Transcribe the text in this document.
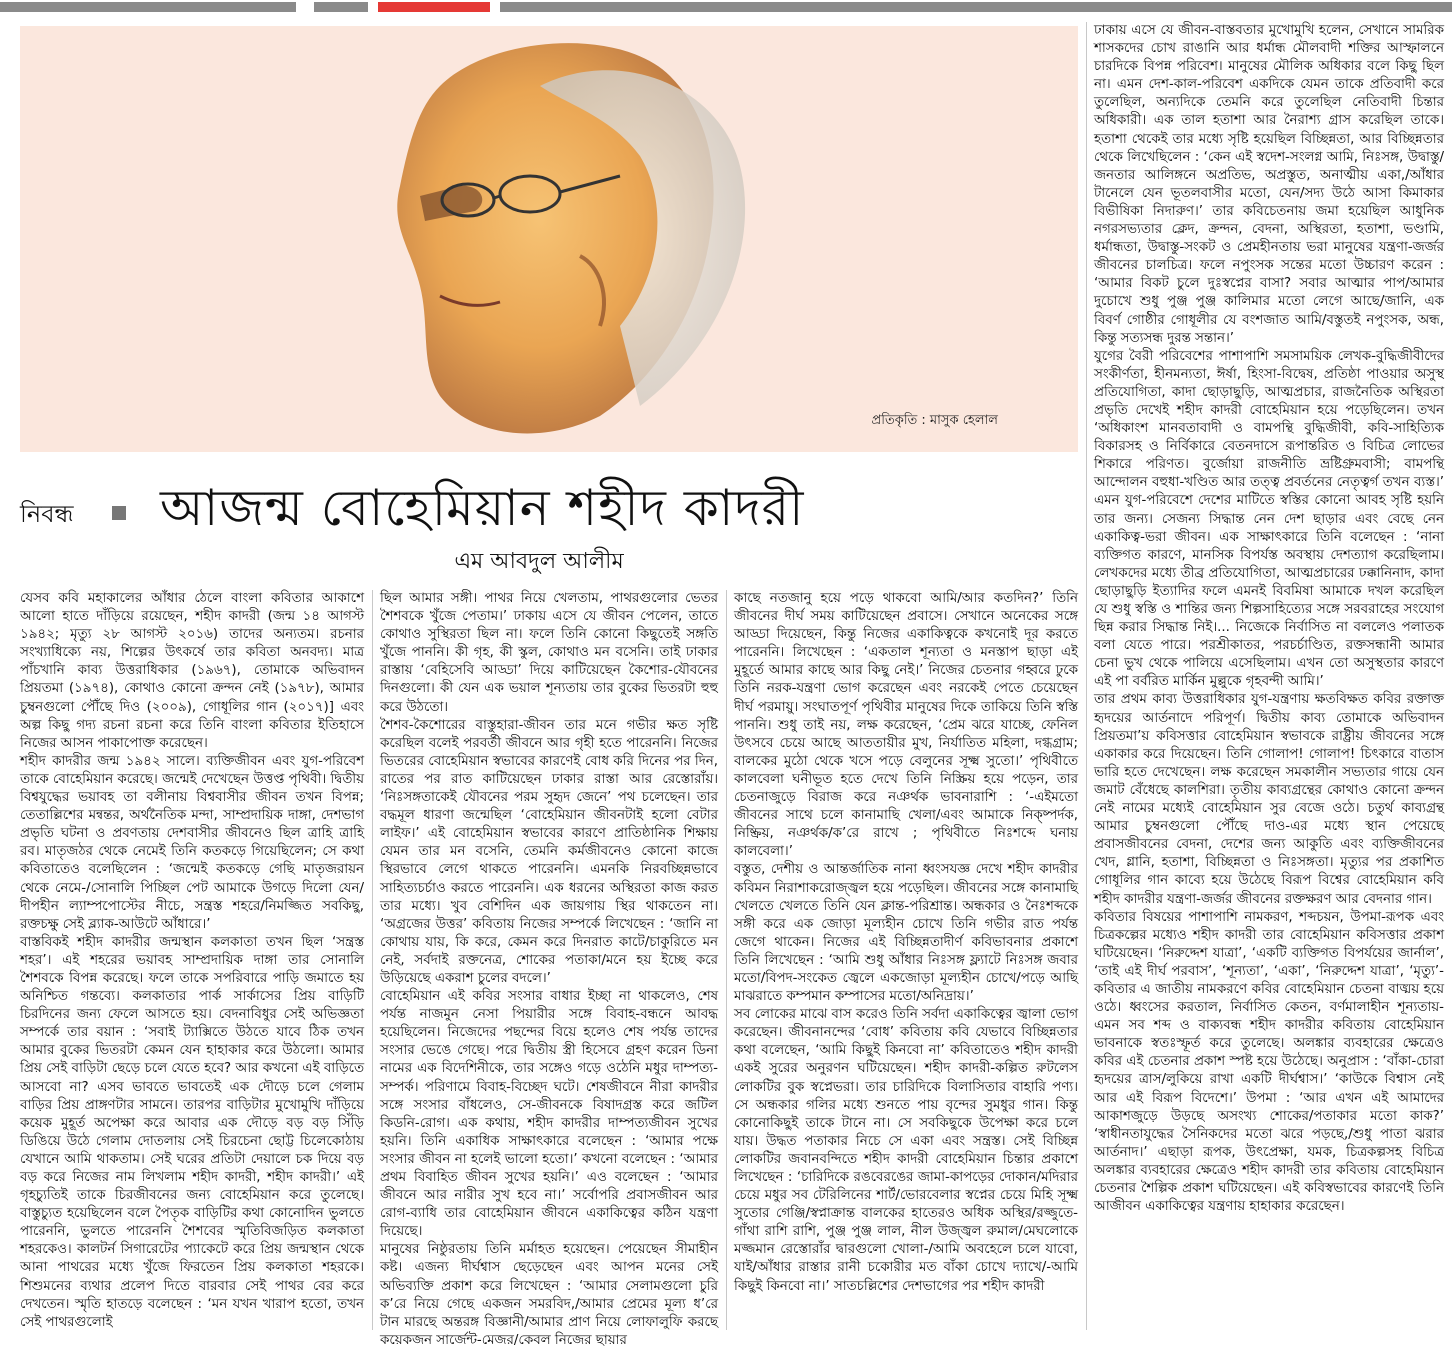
প্রতিকৃতি : মাসুক হেলাল
নিবন্ধ আজন্ম বোহেমিয়ান শহীদ কাদরী
এম আবদুল আলীম

যেসব কবি মহাকালের আঁধার ঠেলে বাংলা কবিতার আকাশে আলো হাতে দাঁড়িয়ে রয়েছেন, শহীদ কাদরী (জন্ম ১৪ আগস্ট ১৯৪২; মৃত্যু ২৮ আগস্ট ২০১৬) তাদের অন্যতম। রচনার সংখ্যাধিক্যে নয়, শিল্পের উৎকর্ষে তার কবিতা অনবদ্য। মাত্র পাঁচখানি কাব্য উত্তরাধিকার (১৯৬৭), তোমাকে অভিবাদন প্রিয়তমা (১৯৭৪), কোথাও কোনো ক্রন্দন নেই (১৯৭৮), আমার চুম্বনগুলো পৌঁছে দিও (২০০৯), গোধূলির গান (২০১৭)] এবং অল্প কিছু গদ্য রচনা রচনা করে তিনি বাংলা কবিতার ইতিহাসে নিজের আসন পাকাপোক্ত করেছেন।

শহীদ কাদরীর জন্ম ১৯৪২ সালে। ব্যক্তিজীবন এবং যুগ-পরিবেশ তাকে বোহেমিয়ান করেছে। জন্মেই দেখেছেন উত্তপ্ত পৃথিবী। দ্বিতীয় বিশ্বযুদ্ধের ভয়াবহ তা বলীনায় বিশ্ববাসীর জীবন তখন বিপন্ন; তেতাল্লিশের মন্বন্তর, অর্থনৈতিক মন্দা, সাম্প্রদায়িক দাঙ্গা, দেশভাগ প্রভৃতি ঘটনা ও প্রবণতায় দেশবাসীর জীবনেও ছিল ত্রাহি ত্রাহি রব। মাতৃজঠর থেকে নেমেই তিনি কতকড়ে গিয়েছিলেন; সে কথা কবিতাতেও বলেছিলেন : ‘জন্মেই কতকড়ে গেছি মাতৃজরায়ন থেকে নেমে-/সোনালি পিচ্ছিল পেট আমাকে উগড়ে দিলো যেন/দীপহীন ল্যাম্পপোস্টের নীচে, সন্ত্রস্ত শহরে/নিমজ্জিত সবকিছু, রক্তচক্ষু সেই ব্ল্যাক-আউটে আঁধারে।’

বাস্তবিকই শহীদ কাদরীর জন্মস্থান কলকাতা তখন ছিল ‘সন্ত্রস্ত শহর’। এই শহরের ভয়াবহ সাম্প্রদায়িক দাঙ্গা তার সোনালি শৈশবকে বিপন্ন করেছে। ফলে তাকে সপরিবারে পাড়ি জমাতে হয় অনিশ্চিত গন্তব্যে। কলকাতার পার্ক সার্কাসের প্রিয় বাড়িটি চিরদিনের জন্য ফেলে আসতে হয়। বেদনাবিধুর সেই অভিজ্ঞতা সম্পর্কে তার বয়ান : ‘সবাই ট্যাক্সিতে উঠতে যাবে ঠিক তখন আমার বুকের ভিতরটা কেমন যেন হাহাকার করে উঠলো। আমার প্রিয় সেই বাড়িটা ছেড়ে চলে যেতে হবে? আর কখনো এই বাড়িতে আসবো না? এসব ভাবতে ভাবতেই এক দৌড়ে চলে গেলাম বাড়ির প্রিয় প্রাঙ্গণটার সামনে। তারপর বাড়িটার মুখোমুখি দাঁড়িয়ে কয়েক মুহূর্ত অপেক্ষা করে আবার এক দৌড়ে বড় বড় সিঁড়ি ডিঙিয়ে উঠে গেলাম দোতলায় সেই চিরচেনা ছোট্ট চিলেকোঠায় যেখানে আমি থাকতাম। সেই ঘরের প্রতিটা দেয়ালে চক দিয়ে বড় বড় করে নিজের নাম লিখলাম শহীদ কাদরী, শহীদ কাদরী।’ এই গৃহচ্যুতিই তাকে চিরজীবনের জন্য বোহেমিয়ান করে তুলেছে। বাস্তুচ্যুত হয়েছিলেন বলে পৈতৃক বাড়িটির কথা কোনোদিন ভুলতে পারেননি, ভুলতে পারেননি শৈশবের স্মৃতিবিজড়িত কলকাতা শহরকেও। কালটর্ন সিগারেটের প্যাকেটে করে প্রিয় জন্মস্থান থেকে আনা পাথরের মধ্যে খুঁজে ফিরতেন প্রিয় কলকাতা শহরকে। শিশুমনের ব্যথার প্রলেপ দিতে বারবার সেই পাথর বের করে দেখতেন। স্মৃতি হাতড়ে বলেছেন : ‘মন যখন খারাপ হতো, তখন সেই পাথরগুলোই

ছিল আমার সঙ্গী। পাথর নিয়ে খেলতাম, পাথরগুলোর ভেতর শৈশবকে খুঁজে পেতাম।’ ঢাকায় এসে যে জীবন পেলেন, তাতে কোথাও সুস্থিরতা ছিল না। ফলে তিনি কোনো কিছুতেই সঙ্গতি খুঁজে পাননি। কী গৃহ, কী স্কুল, কোথাও মন বসেনি। তাই ঢাকার রাস্তায় ‘বেহিসেবি আড্ডা’ দিয়ে কাটিয়েছেন কৈশোর-যৌবনের দিনগুলো। কী যেন এক ভয়াল শূন্যতায় তার বুকের ভিতরটা হুহু করে উঠতো।

শৈশব-কৈশোরের বাস্তুহারা-জীবন তার মনে গভীর ক্ষত সৃষ্টি করেছিল বলেই পরবর্তী জীবনে আর গৃহী হতে পারেননি। নিজের ভিতরের বোহেমিয়ান স্বভাবের কারণেই বোধ করি দিনের পর দিন, রাতের পর রাত কাটিয়েছেন ঢাকার রাস্তা আর রেস্তোরাঁয়। ‘নিঃসঙ্গতাকেই যৌবনের পরম সুহৃদ জেনে’ পথ চলেছেন। তার বদ্ধমূল ধারণা জন্মেছিল ‘বোহেমিয়ান জীবনটাই হলো বেটার লাইফ।’ এই বোহেমিয়ান স্বভাবের কারণে প্রাতিষ্ঠানিক শিক্ষায় যেমন তার মন বসেনি, তেমনি কর্মজীবনেও কোনো কাজে স্থিরভাবে লেগে থাকতে পারেননি। এমনকি নিরবচ্ছিন্নভাবে সাহিত্যচর্চাও করতে পারেননি। এক ধরনের অস্থিরতা কাজ করত তার মধ্যে। খুব বেশিদিন এক জায়গায় স্থির থাকতেন না। ‘অগ্রজের উত্তর’ কবিতায় নিজের সম্পর্কে লিখেছেন : ‘জানি না কোথায় যায়, কি করে, কেমন করে দিনরাত কাটে/চাকুরিতে মন নেই, সর্বদাই রক্তনেত্র, শোকের পতাকা/মনে হয় ইচ্ছে করে উড়িয়েছে একরাশ চুলের বদলে।’

বোহেমিয়ান এই কবির সংসার বাধার ইচ্ছা না থাকলেও, শেষ পর্যন্ত নাজমুন নেসা পিয়ারীর সঙ্গে বিবাহ-বন্ধনে আবদ্ধ হয়েছিলেন। নিজেদের পছন্দের বিয়ে হলেও শেষ পর্যন্ত তাদের সংসার ভেঙে গেছে। পরে দ্বিতীয় স্ত্রী হিসেবে গ্রহণ করেন ডিনা নামের এক বিদেশিনীকে, তার সঙ্গেও গড়ে ওঠেনি মধুর দাম্পত্য-সম্পর্ক। পরিণামে বিবাহ-বিচ্ছেদ ঘটে। শেষজীবনে নীরা কাদরীর সঙ্গে সংসার বাঁধলেও, সে-জীবনকে বিষাদগ্রস্ত করে জটিল কিডনি-রোগ। এক কথায়, শহীদ কাদরীর দাম্পত্যজীবন সুখের হয়নি। তিনি একাধিক সাক্ষাৎকারে বলেছেন : ‘আমার পক্ষে সংসার জীবন না হলেই ভালো হতো।’ কখনো বলেছেন : ‘আমার প্রথম বিবাহিত জীবন সুখের হয়নি।’ এও বলেছেন : ‘আমার জীবনে আর নারীর সুখ হবে না।’ সর্বোপরি প্রবাসজীবন আর রোগ-ব্যাধি তার বোহেমিয়ান জীবনে একাকিত্বের কঠিন যন্ত্রণা দিয়েছে।

মানুষের নিষ্ঠুরতায় তিনি মর্মাহত হয়েছেন। পেয়েছেন সীমাহীন কষ্ট। এজন্য দীর্ঘশ্বাস ছেড়েছেন এবং আপন মনের সেই অভিব্যক্তি প্রকাশ করে লিখেছেন : ‘আমার সেলামগুলো চুরি ক’রে নিয়ে গেছে একজন সমরবিদ,/আমার প্রেমের মূল্য ধ’রে টান মারছে অন্তরঙ্গ বিজ্ঞানী/আমার প্রাণ নিয়ে লোফালুফি করছে কয়েকজন সার্জেন্ট-মেজর/কেবল নিজের ছায়ার

কাছে নতজানু হয়ে পড়ে থাকবো আমি/আর কতদিন?’ তিনি জীবনের দীর্ঘ সময় কাটিয়েছেন প্রবাসে। সেখানে অনেকের সঙ্গে আড্ডা দিয়েছেন, কিন্তু নিজের একাকিত্বকে কখনোই দূর করতে পারেননি। লিখেছেন : ‘একতাল শূন্যতা ও মনস্তাপ ছাড়া এই মুহূর্তে আমার কাছে আর কিছু নেই।’ নিজের চেতনার গহ্বরে ঢুকে তিনি নরক-যন্ত্রণা ভোগ করেছেন এবং নরকেই পেতে চেয়েছেন দীর্ঘ পরমায়ু। সংঘাতপূর্ণ পৃথিবীর মানুষের দিকে তাকিয়ে তিনি স্বস্তি পাননি। শুধু তাই নয়, লক্ষ করেছেন, ‘প্রেম ঝরে যাচ্ছে, ফেনিল উৎসবে চেয়ে আছে আততায়ীর মুখ, নির্যাতিত মহিলা, দগ্ধগ্রাম; বালকের মুঠো থেকে খসে পড়ে বেলুনের সূক্ষ্ম সুতো।’ পৃথিবীতে কালবেলা ঘনীভূত হতে দেখে তিনি নিস্ক্রিয় হয়ে পড়েন, তার চেতনাজুড়ে বিরাজ করে নঞর্থক ভাবনারাশি : ‘-এইমতো জীবনের সাথে চলে কানামাছি খেলা/এবং আমাকে নিক্ষ্পর্দক, নিষ্ক্রিয়, নঞর্থক/ক’রে রাখে ; পৃথিবীতে নিঃশব্দে ঘনায় কালবেলা।’

বস্তুত, দেশীয় ও আন্তর্জাতিক নানা ধ্বংসযজ্ঞ দেখে শহীদ কাদরীর কবিমন নিরাশাকরোজ্জ্বল হয়ে পড়েছিল। জীবনের সঙ্গে কানামাছি খেলতে খেলতে তিনি যেন ক্লান্ত-পরিশ্রান্ত। অন্ধকার ও নৈঃশব্দকে সঙ্গী করে এক জোড়া মূল্যহীন চোখে তিনি গভীর রাত পর্যন্ত জেগে থাকেন। নিজের এই বিচ্ছিন্নতাদীর্ণ কবিভাবনার প্রকাশে তিনি লিখেছেন : ‘আমি শুধু আঁধার নিঃসঙ্গ ফ্ল্যাটে নিঃসঙ্গ জবার মতো/বিপদ-সংকেত জ্বেলে একজোড়া মূল্যহীন চোখে/পড়ে আছি মাঝরাতে কম্পমান কম্পাসের মতো/অনিদ্রায়।’

সব লোকের মাঝে বাস করেও তিনি সর্বদা একাকিত্বের জ্বালা ভোগ করেছেন। জীবনানন্দের ‘বোধ’ কবিতায় কবি যেভাবে বিচ্ছিন্নতার কথা বলেছেন, ‘আমি কিছুই কিনবো না’ কবিতাতেও শহীদ কাদরী একই সুরের অনুরণন ঘটিয়েছেন। শহীদ কাদরী-কল্পিত রুটলেস লোকটির বুক স্বপ্নেভরা। তার চারিদিকে বিলাসিতার বাহারি পণ্য। সে অন্ধকার গলির মধ্যে শুনতে পায় বৃন্দের সুমধুর গান। কিন্তু কোনোকিছুই তাকে টানে না। সে সবকিছুকে উপেক্ষা করে চলে যায়। উদ্ধত পতাকার নিচে সে একা এবং সন্ত্রস্ত। সেই বিচ্ছিন্ন লোকটির জবানবন্দিতে শহীদ কাদরী বোহেমিয়ান চিন্তার প্রকাশে লিখেছেন : ‘চারিদিকে রঙবেরঙের জামা-কাপড়ের দোকান/মদিরার চেয়ে মধুর সব টেরিলিনের শার্ট/ভোরবেলার স্বপ্নের চেয়ে মিহি সূক্ষ্ম সুতোর গেঞ্জি/স্বপ্নাক্রান্ত বালকের হাতেরও অধিক অস্থির/রজ্জুতে-গাঁথা রাশি রাশি, পুঞ্জ পুঞ্জ লাল, নীল উজ্জ্বল রুমাল/মেঘলোকে মজ্জমান রেস্তোরাঁর দ্বারগুলো খোলা-/আমি অবহেলে চলে যাবো, যাই/আঁধার রাস্তার রানী চকোরীর মত বাঁকা চোখে দ্যাখে/-আমি কিছুই কিনবো না।’ সাতচল্লিশের দেশভাগের পর শহীদ কাদরী

ঢাকায় এসে যে জীবন-বাস্তবতার মুখোমুখি হলেন, সেখানে সামরিক শাসকদের চোখ রাঙানি আর ধর্মান্ধ মৌলবাদী শক্তির আস্ফালনে চারদিকে বিপন্ন পরিবেশ। মানুষের মৌলিক অধিকার বলে কিছু ছিল না। এমন দেশ-কাল-পরিবেশ একদিকে যেমন তাকে প্রতিবাদী করে তুলেছিল, অন্যদিকে তেমনি করে তুলেছিল নেতিবাদী চিন্তার অধিকারী। এক তাল হতাশা আর নৈরাশ্য গ্রাস করেছিল তাকে। হতাশা থেকেই তার মধ্যে সৃষ্টি হয়েছিল বিচ্ছিন্নতা, আর বিচ্ছিন্নতার থেকে লিখেছিলেন : ‘কেন এই স্বদেশ-সংলগ্ন আমি, নিঃসঙ্গ, উদ্বাস্তু/জনতার আলিঙ্গনে অপ্রতিভ, অপ্রস্তুত, অনাত্মীয় একা,/আঁধার টানেলে যেন ভূতলবাসীর মতো, যেন/সদ্য উঠে আসা কিমাকার বিভীষিকা নিদারুণ।’ তার কবিচেতনায় জমা হয়েছিল আধুনিক নগরসভ্যতার ক্লেদ, ক্রন্দন, বেদনা, অস্থিরতা, হতাশা, ভণ্ডামি, ধর্মান্ধতা, উদ্বাস্তু-সংকট ও প্রেমহীনতায় ভরা মানুষের যন্ত্রণা-জর্জর জীবনের চালচিত্র। ফলে নপুংসক সন্তের মতো উচ্চারণ করেন : ‘আমার বিকট চুলে দুঃস্বপ্নের বাসা? সবার আত্মার পাপ/আমার দুচোখে শুধু পুঞ্জ পুঞ্জ কালিমার মতো লেগে আছে/জানি, এক বিবর্ণ গোষ্ঠীর গোধূলীর যে বংশজাত আমি/বস্তুতই নপুংসক, অন্ধ, কিন্তু সত্যসন্ধ দুরন্ত সন্তান।’

যুগের বৈরী পরিবেশের পাশাপাশি সমসাময়িক লেখক-বুদ্ধিজীবীদের সংকীর্ণতা, হীনমন্যতা, ঈর্ষা, হিংসা-বিদ্বেষ, প্রতিষ্ঠা পাওয়ার অসুস্থ প্রতিযোগিতা, কাদা ছোড়াছুড়ি, আত্মপ্রচার, রাজনৈতিক অস্থিরতা প্রভৃতি দেখেই শহীদ কাদরী বোহেমিয়ান হয়ে পড়েছিলেন। তখন ‘অধিকাংশ মানবতাবাদী ও বামপন্থি বুদ্ধিজীবী, কবি-সাহিত্যিক বিকারসহ ও নির্বিকারে বেতনদাসে রূপান্তরিত ও বিচিত্র লোভের শিকারে পরিণত। বুর্জোয়া রাজনীতি ভ্রষ্টিগ্রুমবাসী; বামপন্থি আন্দোলন বহুধা-খণ্ডিত আর তত্ত্ব প্রবর্তনের নেতৃত্বর্গ তখন ব্যস্ত।’ এমন যুগ-পরিবেশে দেশের মাটিতে স্বস্তির কোনো আবহ সৃষ্টি হয়নি তার জন্য। সেজন্য সিদ্ধান্ত নেন দেশ ছাড়ার এবং বেছে নেন একাকিত্ব-ভরা জীবন। এক সাক্ষাৎকারে তিনি বলেছেন : ‘নানা ব্যক্তিগত কারণে, মানসিক বিপর্যস্ত অবস্থায় দেশত্যাগ করেছিলাম। লেখকদের মধ্যে তীব্র প্রতিযোগিতা, আত্মপ্রচারের ঢক্কানিনাদ, কাদা ছোড়াছুড়ি ইত্যাদির ফলে এমনই বিবমিষা আমাকে দখল করেছিল যে শুধু স্বস্তি ও শান্তির জন্য শিল্পসাহিত্যের সঙ্গে সরবরাহের সংযোগ ছিন্ন করার সিদ্ধান্ত নিই।... নিজেকে নির্বাসিত না বললেও পলাতক বলা যেতে পারে। পরশ্রীকাতর, পরচর্চাণ্ডিত, রক্তসন্ধানী আমার চেনা ভুখ থেকে পালিয়ে এসেছিলাম। এখন তো অসুস্থতার কারণে এই পা বর্বরিত মার্কিন মুল্লুকে গৃহবন্দী আমি।’

তার প্রথম কাব্য উত্তরাধিকার যুগ-যন্ত্রণায় ক্ষতবিক্ষত কবির রক্তাক্ত হৃদয়ের আর্তনাদে পরিপূর্ণ। দ্বিতীয় কাব্য তোমাকে অভিবাদন প্রিয়তমা’য় কবিসত্তার বোহেমিয়ান স্বভাবকে রাষ্ট্রীয় জীবনের সঙ্গে একাকার করে দিয়েছেন। তিনি গোলাপ! গোলাপ! চিৎকারে বাতাস ভারি হতে দেখেছেন। লক্ষ করেছেন সমকালীন সভ্যতার গায়ে যেন জমাট বেঁধেছে কালশিরা। তৃতীয় কাব্যগ্রন্থের কোথাও কোনো ক্রন্দন নেই নামের মধ্যেই বোহেমিয়ান সুর বেজে ওঠে। চতুর্থ কাব্যগ্রন্থ আমার চুম্বনগুলো পৌঁছে দাও-এর মধ্যে স্থান পেয়েছে প্রবাসজীবনের বেদনা, দেশের জন্য আকুতি এবং ব্যক্তিজীবনের খেদ, গ্লানি, হতাশা, বিচ্ছিন্নতা ও নিঃসঙ্গতা। মৃত্যুর পর প্রকাশিত গোধূলির গান কাব্যে হয়ে উঠেছে বিরূপ বিশ্বের বোহেমিয়ান কবি শহীদ কাদরীর যন্ত্রণা-জর্জর জীবনের রক্তক্ষরণ আর বেদনার গান।

কবিতার বিষয়ের পাশাপাশি নামকরণ, শব্দচয়ন, উপমা-রূপক এবং চিত্রকল্পের মধ্যেও শহীদ কাদরী তার বোহেমিয়ান কবিসত্তার প্রকাশ ঘটিয়েছেন। ‘নিরুদ্দেশ যাত্রা’, ‘একটি ব্যক্তিগত বিপর্যয়ের জার্নাল’, ‘তাই এই দীর্ঘ পরবাস’, ‘শূন্যতা’, ‘একা’, ‘নিরুদ্দেশ যাত্রা’, ‘মৃত্যু’-কবিতার এ জাতীয় নামকরণে কবির বোহেমিয়ান চেতনা বাঙ্ময় হয়ে ওঠে। ধ্বংসের করতাল, নির্বাসিত কেতন, বর্ণমালাহীন শূন্যতায়-এমন সব শব্দ ও বাক্যবন্ধ শহীদ কাদরীর কবিতায় বোহেমিয়ান ভাবনাকে স্বতঃস্ফূর্ত করে তুলেছে। অলঙ্কার ব্যবহারের ক্ষেত্রেও কবির এই চেতনার প্রকাশ স্পষ্ট হয়ে উঠেছে। অনুপ্রাস : ‘বাঁকা-চোরা হৃদয়ের ত্রাস/লুকিয়ে রাখা একটি দীর্ঘশ্বাস।’ ‘কাউকে বিশ্বাস নেই আর এই বিরূপ বিদেশে।’ উপমা : ‘আর এখন এই আমাদের আকাশজুড়ে উড়ছে অসংখ্য শোকের/পতাকার মতো কাক?’ ‘স্বাধীনতাযুদ্ধের সৈনিকদের মতো ঝরে পড়ছে,/শুধু পাতা ঝরার আর্তনাদ।’ এছাড়া রূপক, উৎপ্রেক্ষা, যমক, চিত্রকল্পসহ বিচিত্র অলঙ্কার ব্যবহারের ক্ষেত্রেও শহীদ কাদরী তার কবিতায় বোহেমিয়ান চেতনার শৈল্পিক প্রকাশ ঘটিয়েছেন। এই কবিস্বভাবের কারণেই তিনি আজীবন একাকিত্বের যন্ত্রণায় হাহাকার করেছেন।
